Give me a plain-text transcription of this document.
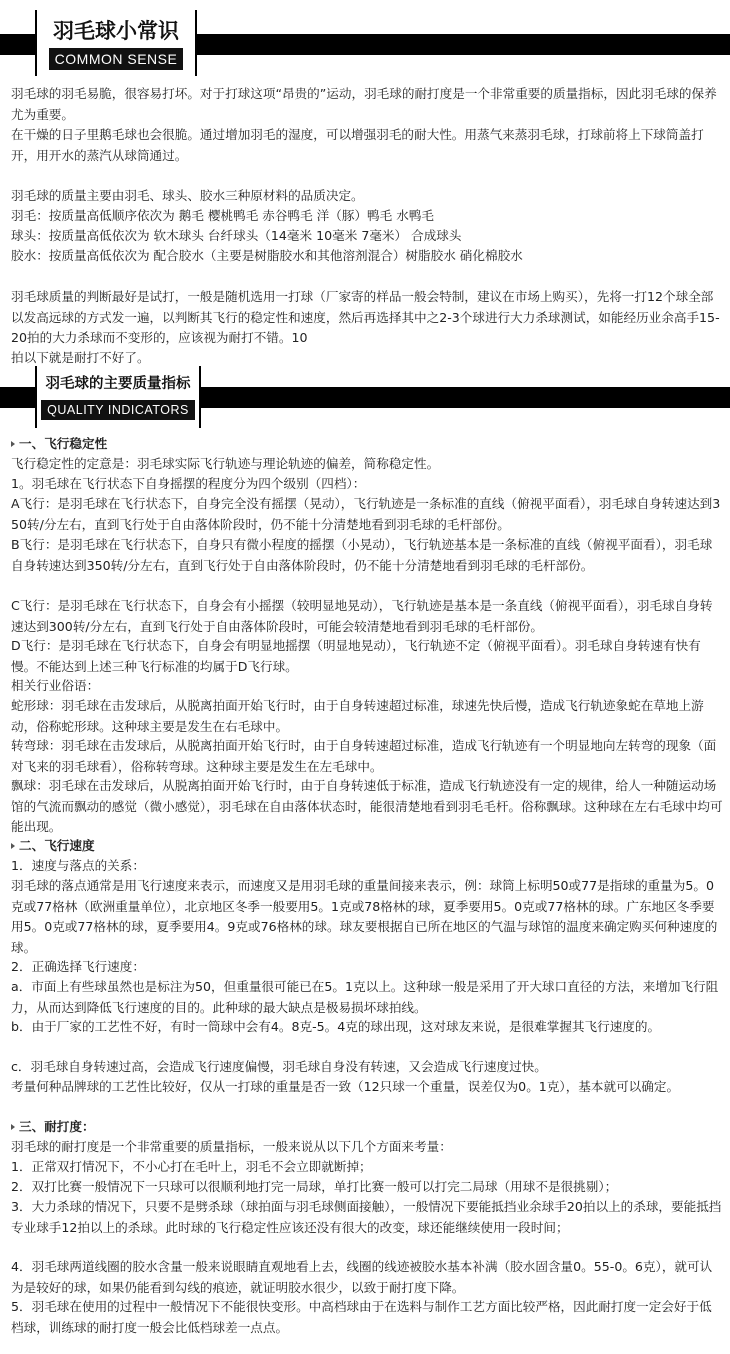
羽毛球小常识
COMMON SENSE

羽毛球的羽毛易脆，很容易打坏。对于打球这项“昂贵的”运动，羽毛球的耐打度是一个非常重要的质量指标，因此羽毛球的保养尤为重要。

在干燥的日子里鹅毛球也会很脆。通过增加羽毛的湿度，可以增强羽毛的耐大性。用蒸气来蒸羽毛球，打球前将上下球筒盖打开，用开水的蒸汽从球筒通过。

羽毛球的质量主要由羽毛、球头、胶水三种原材料的品质决定。

羽毛：按质量高低顺序依次为 鹅毛 樱桃鸭毛 赤谷鸭毛 洋（豚）鸭毛 水鸭毛

球头：按质量高低依次为 软木球头 台纤球头（14毫米 10毫米 7毫米） 合成球头

胶水：按质量高低依次为 配合胶水（主要是树脂胶水和其他溶剂混合）树脂胶水 硝化棉胶水

羽毛球质量的判断最好是试打，一般是随机选用一打球（厂家寄的样品一般会特制，建议在市场上购买），先将一打12个球全部以发高远球的方式发一遍，以判断其飞行的稳定性和速度，然后再选择其中之2-3个球进行大力杀球测试，如能经历业余高手15-20拍的大力杀球而不变形的，应该视为耐打不错。10

拍以下就是耐打不好了。

羽毛球的主要质量指标
QUALITY INDICATORS

一、飞行稳定性

飞行稳定性的定意是：羽毛球实际飞行轨迹与理论轨迹的偏差，简称稳定性。

1。羽毛球在飞行状态下自身摇摆的程度分为四个级别（四档）：

A飞行：是羽毛球在飞行状态下，自身完全没有摇摆（晃动），飞行轨迹是一条标准的直线（俯视平面看），羽毛球自身转速达到350转/分左右，直到飞行处于自由落体阶段时，仍不能十分清楚地看到羽毛球的毛杆部份。

B飞行：是羽毛球在飞行状态下，自身只有微小程度的摇摆（小晃动），飞行轨迹基本是一条标准的直线（俯视平面看），羽毛球自身转速达到350转/分左右，直到飞行处于自由落体阶段时，仍不能十分清楚地看到羽毛球的毛杆部份。

C飞行：是羽毛球在飞行状态下，自身会有小摇摆（较明显地晃动），飞行轨迹是基本是一条直线（俯视平面看），羽毛球自身转速达到300转/分左右，直到飞行处于自由落体阶段时，可能会较清楚地看到羽毛球的毛杆部份。

D飞行：是羽毛球在飞行状态下，自身会有明显地摇摆（明显地晃动），飞行轨迹不定（俯视平面看）。羽毛球自身转速有快有慢。不能达到上述三种飞行标准的均属于D飞行球。

相关行业俗语：

蛇形球：羽毛球在击发球后，从脱离拍面开始飞行时，由于自身转速超过标准，球速先快后慢，造成飞行轨迹象蛇在草地上游动，俗称蛇形球。这种球主要是发生在右毛球中。

转弯球：羽毛球在击发球后，从脱离拍面开始飞行时，由于自身转速超过标准，造成飞行轨迹有一个明显地向左转弯的现象（面对飞来的羽毛球看），俗称转弯球。这种球主要是发生在左毛球中。

飘球：羽毛球在击发球后，从脱离拍面开始飞行时，由于自身转速低于标准，造成飞行轨迹没有一定的规律，给人一种随运动场馆的气流而飘动的感觉（微小感觉），羽毛球在自由落体状态时，能很清楚地看到羽毛毛杆。俗称飘球。这种球在左右毛球中均可能出现。

二、飞行速度

1．速度与落点的关系：

羽毛球的落点通常是用飞行速度来表示，而速度又是用羽毛球的重量间接来表示，例：球筒上标明50或77是指球的重量为5。0克或77格林（欧洲重量单位），北京地区冬季一般要用5。1克或78格林的球，夏季要用5。0克或77格林的球。广东地区冬季要用5。0克或77格林的球，夏季要用4。9克或76格林的球。球友要根据自已所在地区的气温与球馆的温度来确定购买何种速度的球。

2．正确选择飞行速度：

a．市面上有些球虽然也是标注为50，但重量很可能已在5。1克以上。这种球一般是采用了开大球口直径的方法，来增加飞行阻力，从而达到降低飞行速度的目的。此种球的最大缺点是极易损坏球拍线。

b．由于厂家的工艺性不好，有时一筒球中会有4。8克-5。4克的球出现，这对球友来说，是很难掌握其飞行速度的。

c．羽毛球自身转速过高，会造成飞行速度偏慢，羽毛球自身没有转速，又会造成飞行速度过快。

考量何种品牌球的工艺性比较好，仅从一打球的重量是否一致（12只球一个重量，误差仅为0。1克），基本就可以确定。

三、耐打度：

羽毛球的耐打度是一个非常重要的质量指标，一般来说从以下几个方面来考量：

1．正常双打情况下，不小心打在毛叶上，羽毛不会立即就断掉；

2．双打比赛一般情况下一只球可以很顺利地打完一局球，单打比赛一般可以打完二局球（用球不是很挑剔）；

3．大力杀球的情况下，只要不是劈杀球（球拍面与羽毛球侧面接触），一般情况下要能抵挡业余球手20拍以上的杀球，要能抵挡专业球手12拍以上的杀球。此时球的飞行稳定性应该还没有很大的改变，球还能继续使用一段时间；

4．羽毛球两道线圈的胶水含量一般来说眼睛直观地看上去，线圈的线迹被胶水基本补满（胶水固含量0。55-0。6克），就可认为是较好的球，如果仍能看到勾线的痕迹，就证明胶水很少，以致于耐打度下降。

5．羽毛球在使用的过程中一般情况下不能很快变形。中高档球由于在选料与制作工艺方面比较严格，因此耐打度一定会好于低档球，训练球的耐打度一般会比低档球差一点点。
